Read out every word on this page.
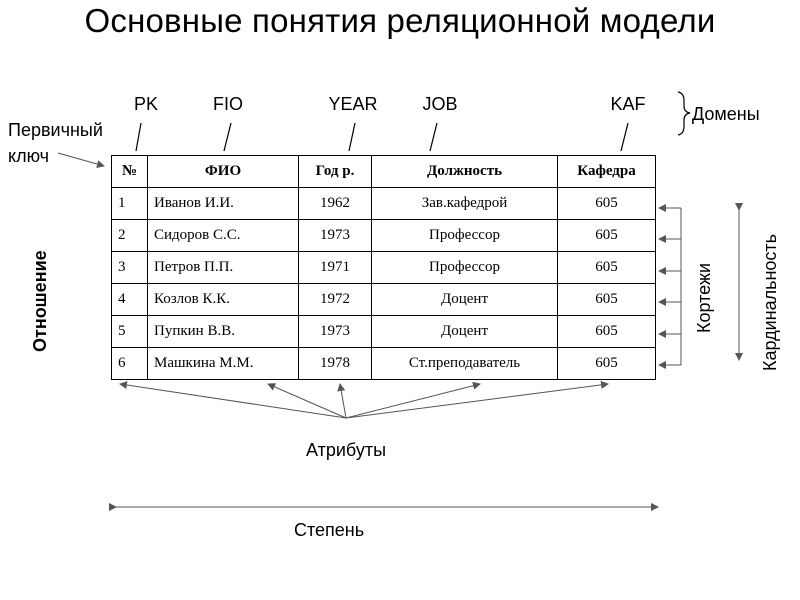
Основные понятия реляционной модели
PK	FIO	YEAR JOB	KAF	Домены
Первичный
ключ
Отношение	Кортежи	Кардинальность
Атрибуты
Степень
№	ФИО	Год р.	Должность	Кафедра
1	Иванов И.И.	1962	Зав.кафедрой	605
2	Сидоров С.С.	1973	Профессор	605
3	Петров П.П.	1971	Профессор	605
4	Козлов К.К.	1972	Доцент	605
5	Пупкин В.В.	1973	Доцент	605
6	Машкина М.М.	1978	Ст.преподаватель	605
